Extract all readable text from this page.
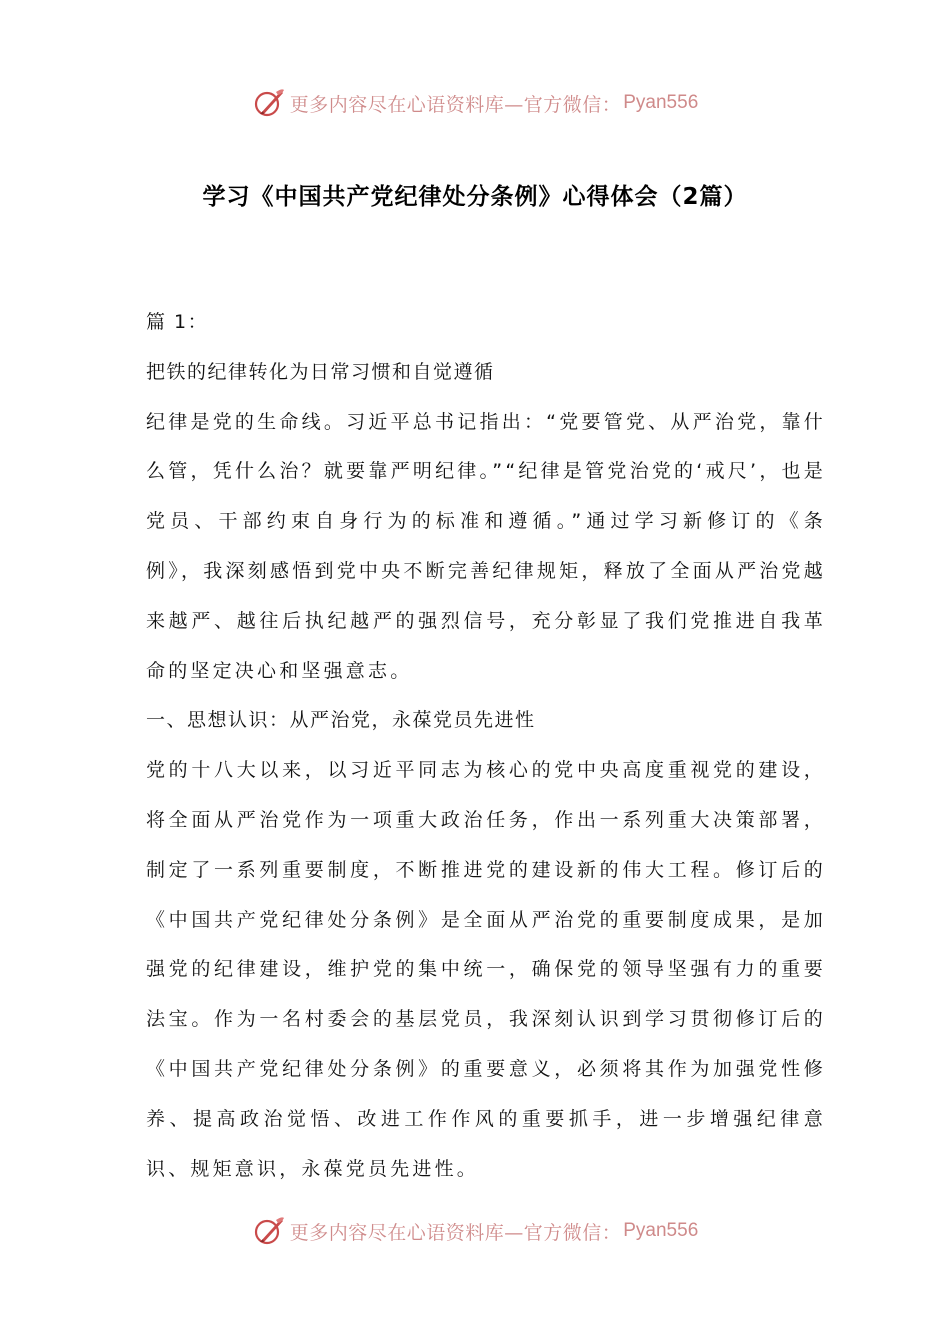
更多内容尽在心语资料库—官方微信： Pyan556
学习《中国共产党纪律处分条例》心得体会（2篇）

篇 1：

把铁的纪律转化为日常习惯和自觉遵循

纪律是党的生命线。习近平总书记指出：“党要管党、从严治党，靠什么管，凭什么治？就要靠严明纪律。”“纪律是管党治党的‘戒尺’，也是党员、干部约束自身行为的标准和遵循。”通过学习新修订的《条例》，我深刻感悟到党中央不断完善纪律规矩，释放了全面从严治党越来越严、越往后执纪越严的强烈信号，充分彰显了我们党推进自我革命的坚定决心和坚强意志。

一、思想认识：从严治党，永葆党员先进性

党的十八大以来，以习近平同志为核心的党中央高度重视党的建设，将全面从严治党作为一项重大政治任务，作出一系列重大决策部署，制定了一系列重要制度，不断推进党的建设新的伟大工程。修订后的《中国共产党纪律处分条例》是全面从严治党的重要制度成果，是加强党的纪律建设，维护党的集中统一，确保党的领导坚强有力的重要法宝。作为一名村委会的基层党员，我深刻认识到学习贯彻修订后的《中国共产党纪律处分条例》的重要意义，必须将其作为加强党性修养、提高政治觉悟、改进工作作风的重要抓手，进一步增强纪律意识、规矩意识，永葆党员先进性。

更多内容尽在心语资料库—官方微信： Pyan556
